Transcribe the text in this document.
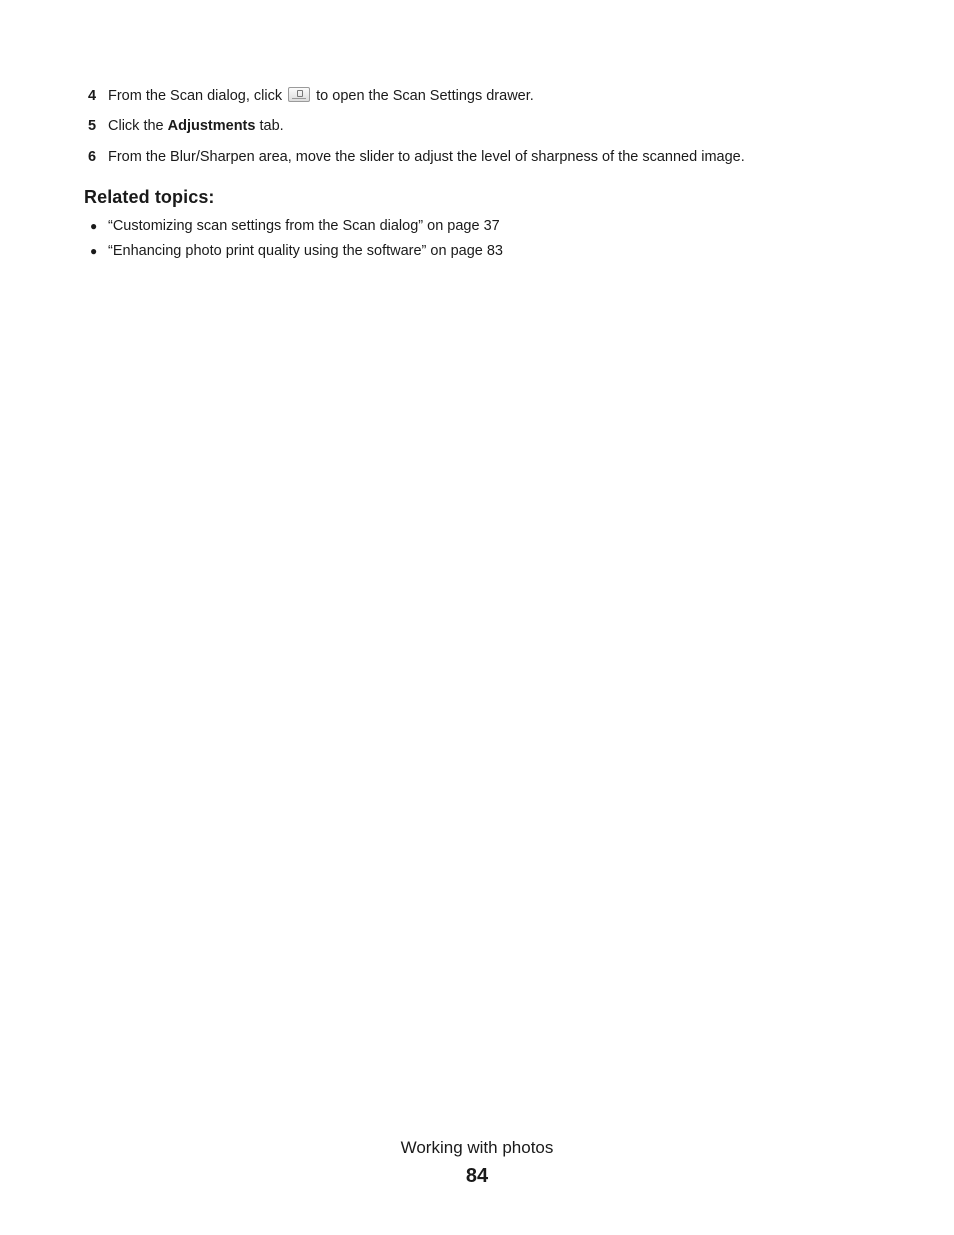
4 From the Scan dialog, click to open the Scan Settings drawer.
5 Click the Adjustments tab.
6 From the Blur/Sharpen area, move the slider to adjust the level of sharpness of the scanned image.
Related topics:
● “Customizing scan settings from the Scan dialog” on page 37
● “Enhancing photo print quality using the software” on page 83
Working with photos
84
